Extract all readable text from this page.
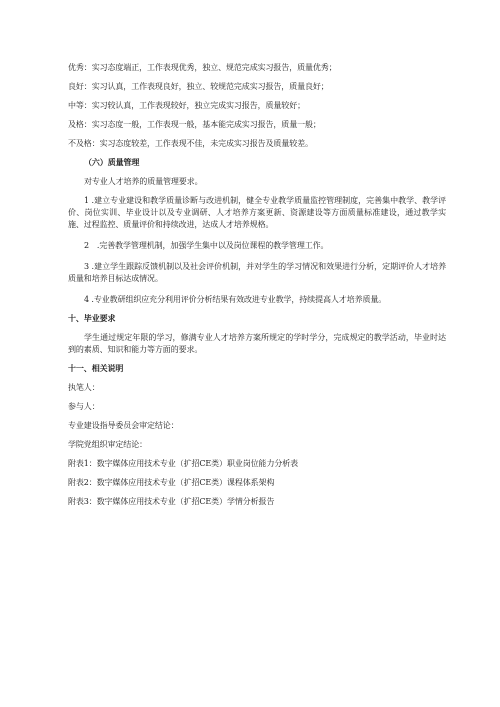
优秀：实习态度端正，工作表现优秀，独立、规范完成实习报告，质量优秀；
良好：实习认真，工作表现良好，独立、较规范完成实习报告，质量良好；
中等：实习较认真，工作表现较好，独立完成实习报告，质量较好；
及格：实习态度一般，工作表现一般，基本能完成实习报告，质量一般；
不及格：实习态度较差，工作表现不佳，未完成实习报告及质量较差。
（六）质量管理
对专业人才培养的质量管理要求。

1 .建立专业建设和教学质量诊断与改进机制，健全专业教学质量监控管理制度，完善集中教学、教学评价、岗位实训、毕业设计以及专业调研、人才培养方案更新、资源建设等方面质量标准建设，通过教学实施、过程监控、质量评价和持续改进，达成人才培养规格。

2　.完善教学管理机制，加强学生集中以及岗位课程的教学管理工作。

3 .建立学生跟踪反馈机制以及社会评价机制，并对学生的学习情况和效果进行分析，定期评价人才培养质量和培养目标达成情况。

4 .专业教研组织应充分利用评价分析结果有效改进专业教学，持续提高人才培养质量。

十、毕业要求

学生通过规定年限的学习，修满专业人才培养方案所规定的学时学分，完成规定的教学活动，毕业时达到的素质、知识和能力等方面的要求。

十一、相关说明
执笔人：
参与人：
专业建设指导委员会审定结论：
学院党组织审定结论：
附表1：数字媒体应用技术专业（扩招CE类）职业岗位能力分析表
附表2：数字媒体应用技术专业（扩招CE类）课程体系架构
附表3：数字媒体应用技术专业（扩招CE类）学情分析报告
